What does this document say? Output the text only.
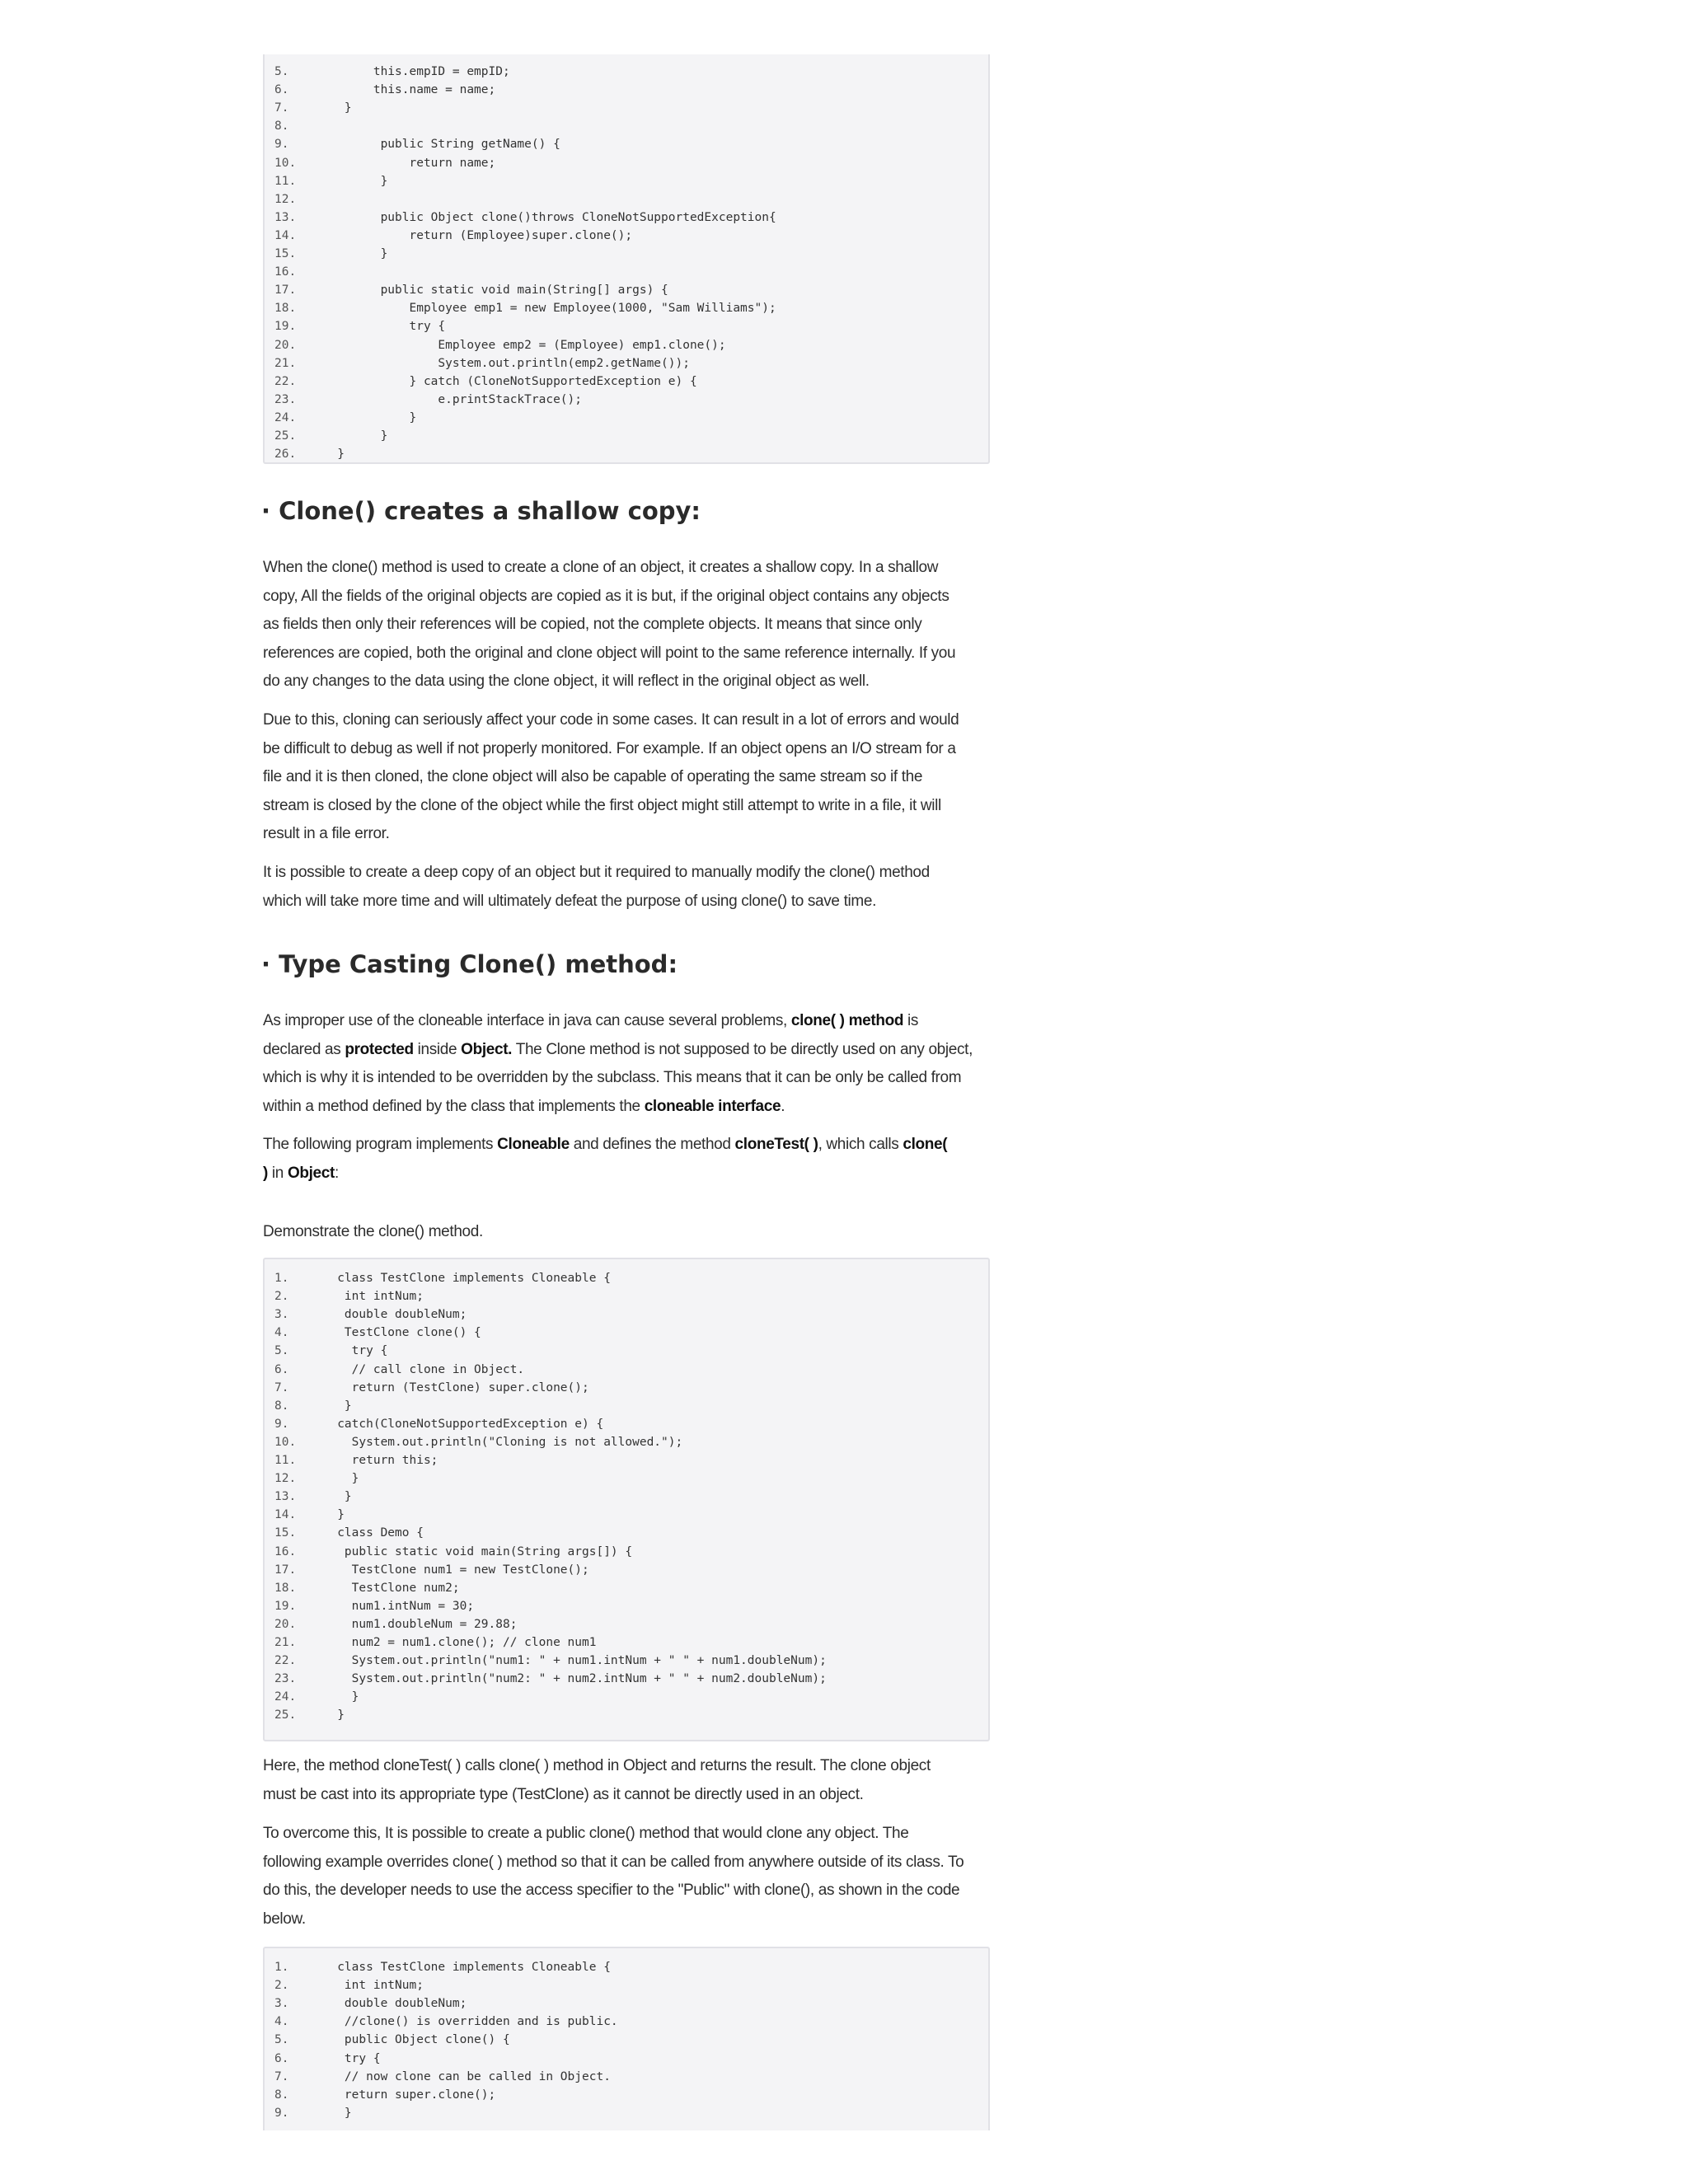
5.	this.empID = empID;
6.	this.name = name;
7.	}
8.
9.	public String getName() {
10.	return name;
11.	}
12.
13.	public Object clone()throws CloneNotSupportedException{
14.	return (Employee)super.clone();
15.	}
16.
17.	public static void main(String[] args) {
18.	Employee emp1 = new Employee(1000, "Sam Williams");
19.	try {
20.	Employee emp2 = (Employee) emp1.clone();
21.	System.out.println(emp2.getName());
22.	} catch (CloneNotSupportedException e) {
23.	e.printStackTrace();
24.	}
25.	}
26.	}
· Clone() creates a shallow copy:
When the clone() method is used to create a clone of an object, it creates a shallow copy. In a shallow
copy, All the fields of the original objects are copied as it is but, if the original object contains any objects
as fields then only their references will be copied, not the complete objects. It means that since only
references are copied, both the original and clone object will point to the same reference internally. If you
do any changes to the data using the clone object, it will reflect in the original object as well.
Due to this, cloning can seriously affect your code in some cases. It can result in a lot of errors and would
be difficult to debug as well if not properly monitored. For example. If an object opens an I/O stream for a
file and it is then cloned, the clone object will also be capable of operating the same stream so if the
stream is closed by the clone of the object while the first object might still attempt to write in a file, it will
result in a file error.
It is possible to create a deep copy of an object but it required to manually modify the clone() method
which will take more time and will ultimately defeat the purpose of using clone() to save time.
· Type Casting Clone() method:
As improper use of the cloneable interface in java can cause several problems, clone( ) method is
declared as protected inside Object. The Clone method is not supposed to be directly used on any object,
which is why it is intended to be overridden by the subclass. This means that it can be only be called from
within a method defined by the class that implements the cloneable interface.
The following program implements Cloneable and defines the method cloneTest( ), which calls clone(
) in Object:
Demonstrate the clone() method.
1.	class TestClone implements Cloneable {
2.	int intNum;
3.	double doubleNum;
4.	TestClone clone() {
5.	try {
6.	// call clone in Object.
7.	return (TestClone) super.clone();
8.	}
9.	catch(CloneNotSupportedException e) {
10.	System.out.println("Cloning is not allowed.");
11.	return this;
12.	}
13.	}
14.	}
15.	class Demo {
16.	public static void main(String args[]) {
17.	TestClone num1 = new TestClone();
18.	TestClone num2;
19.	num1.intNum = 30;
20.	num1.doubleNum = 29.88;
21.	num2 = num1.clone(); // clone num1
22.	System.out.println("num1: " + num1.intNum + " " + num1.doubleNum);
23.	System.out.println("num2: " + num2.intNum + " " + num2.doubleNum);
24.	}
25.	}
Here, the method cloneTest( ) calls clone( ) method in Object and returns the result. The clone object
must be cast into its appropriate type (TestClone) as it cannot be directly used in an object.
To overcome this, It is possible to create a public clone() method that would clone any object. The
following example overrides clone( ) method so that it can be called from anywhere outside of its class. To
do this, the developer needs to use the access specifier to the "Public" with clone(), as shown in the code
below.
1.	class TestClone implements Cloneable {
2.	int intNum;
3.	double doubleNum;
4.	//clone() is overridden and is public.
5.	public Object clone() {
6.	try {
7.	// now clone can be called in Object.
8.	return super.clone();
9.	}
